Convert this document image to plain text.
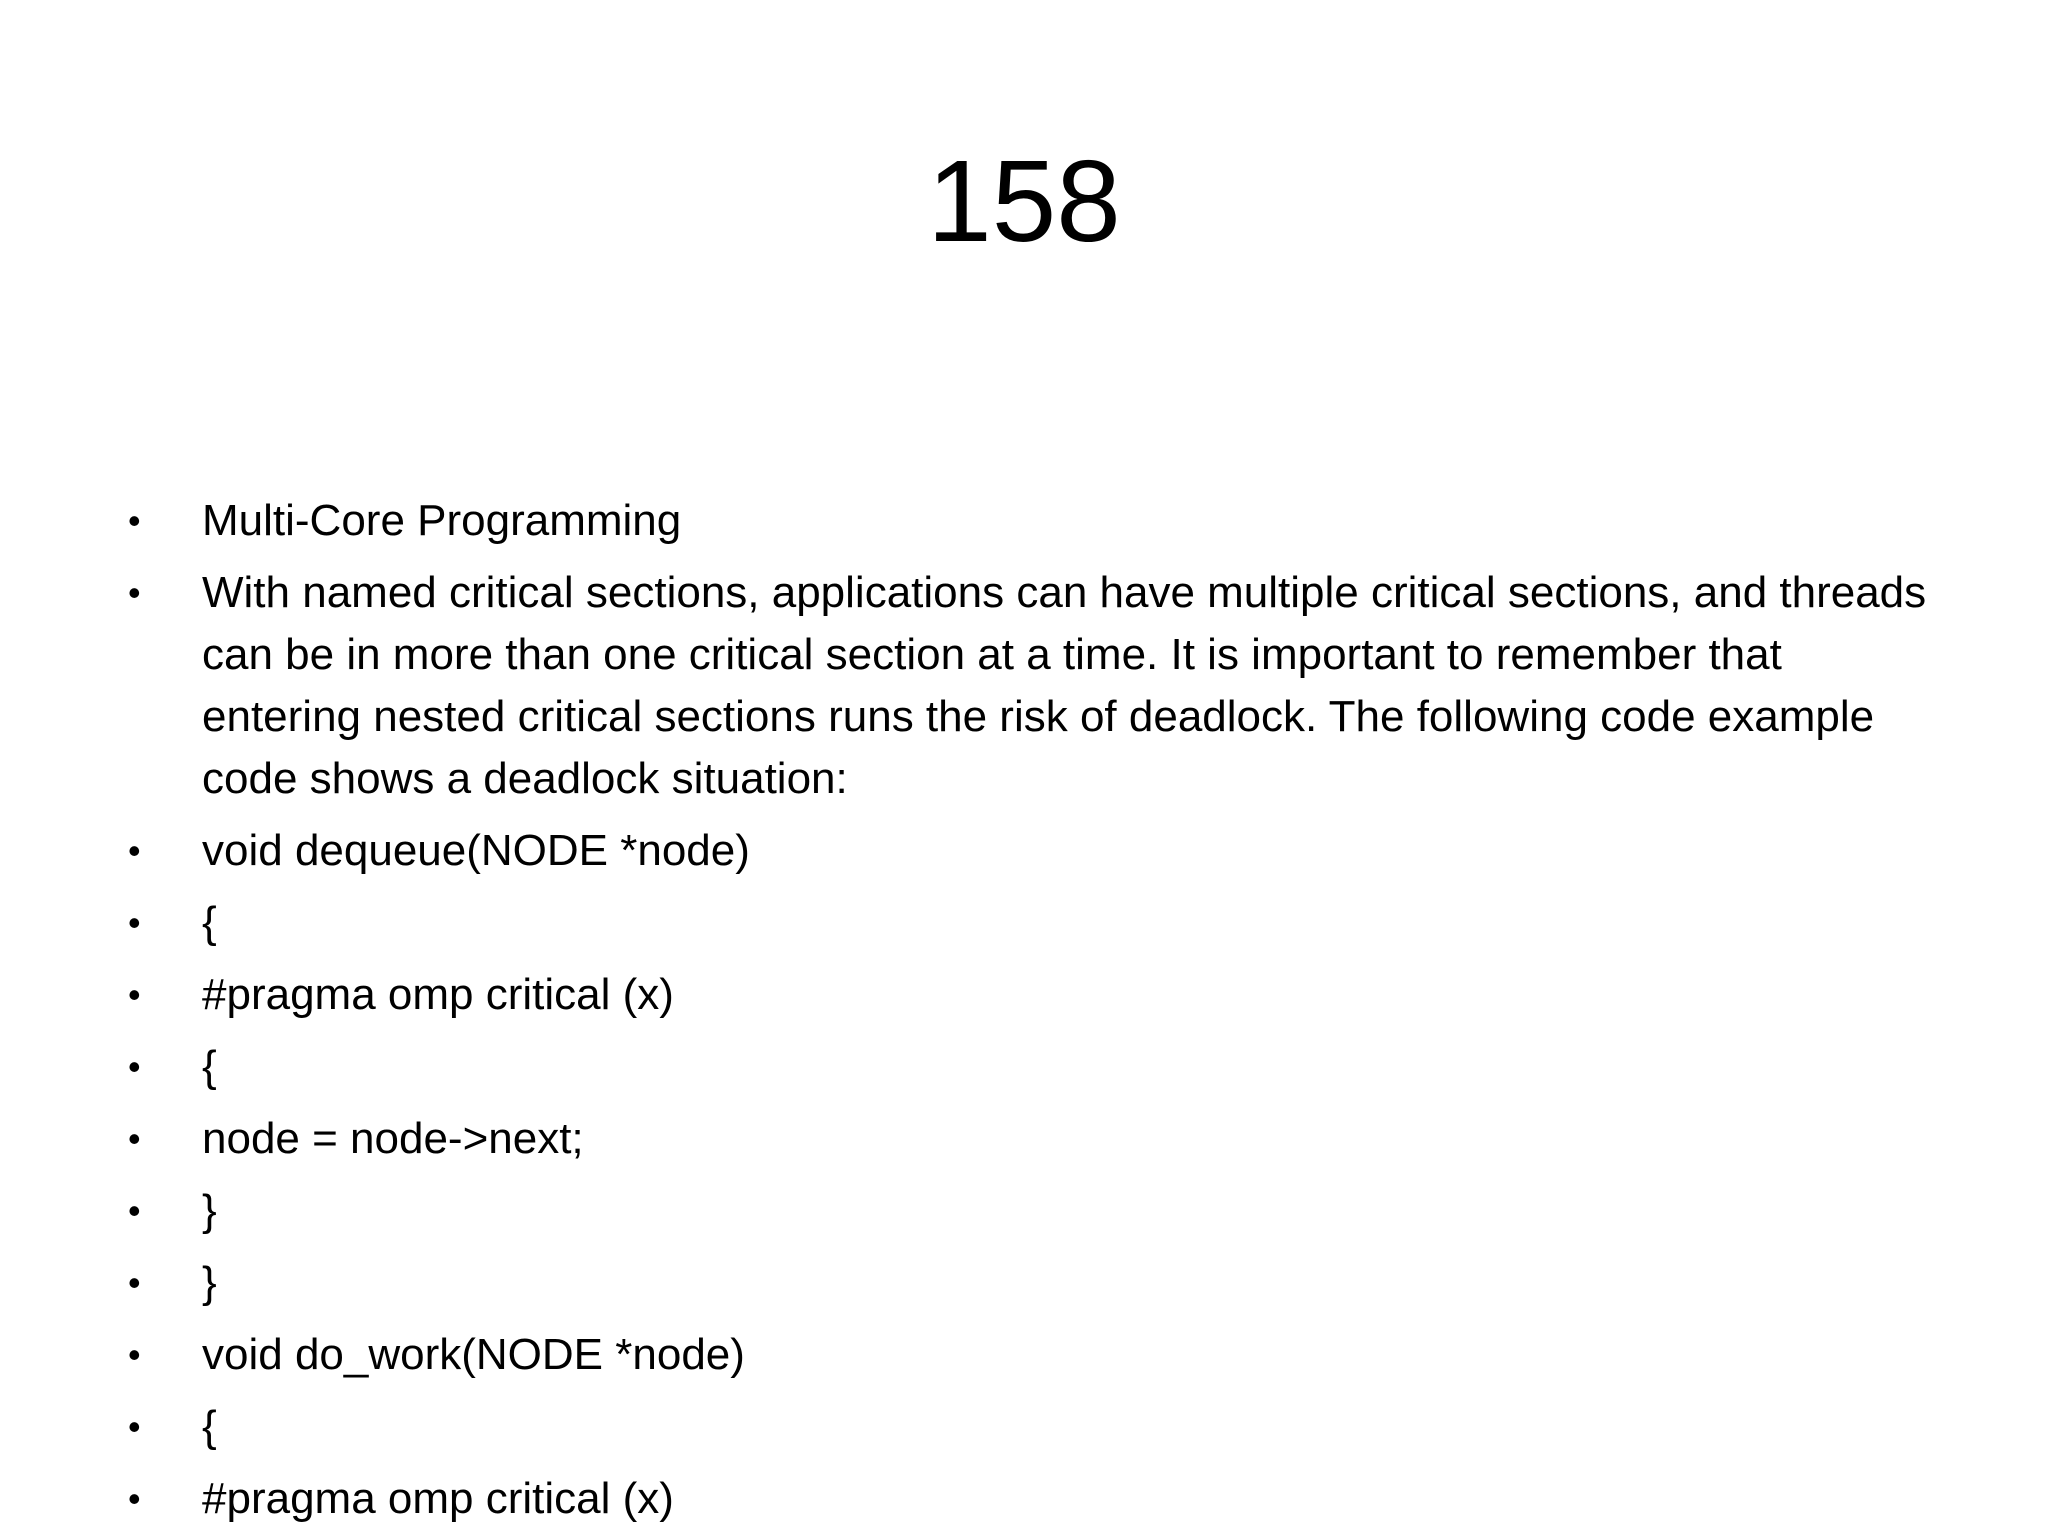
158
•	Multi-Core Programming
•	With named critical sections, applications can have multiple critical sections, and threads can be in more than one critical section at a time. It is important to remember that entering nested critical sections runs the risk of deadlock. The following code example code shows a deadlock situation:
•	void dequeue(NODE *node)
•	{
•	#pragma omp critical (x)
•	{
•	node = node->next;
•	}
•	}
•	void do_work(NODE *node)
•	{
•	#pragma omp critical (x)
